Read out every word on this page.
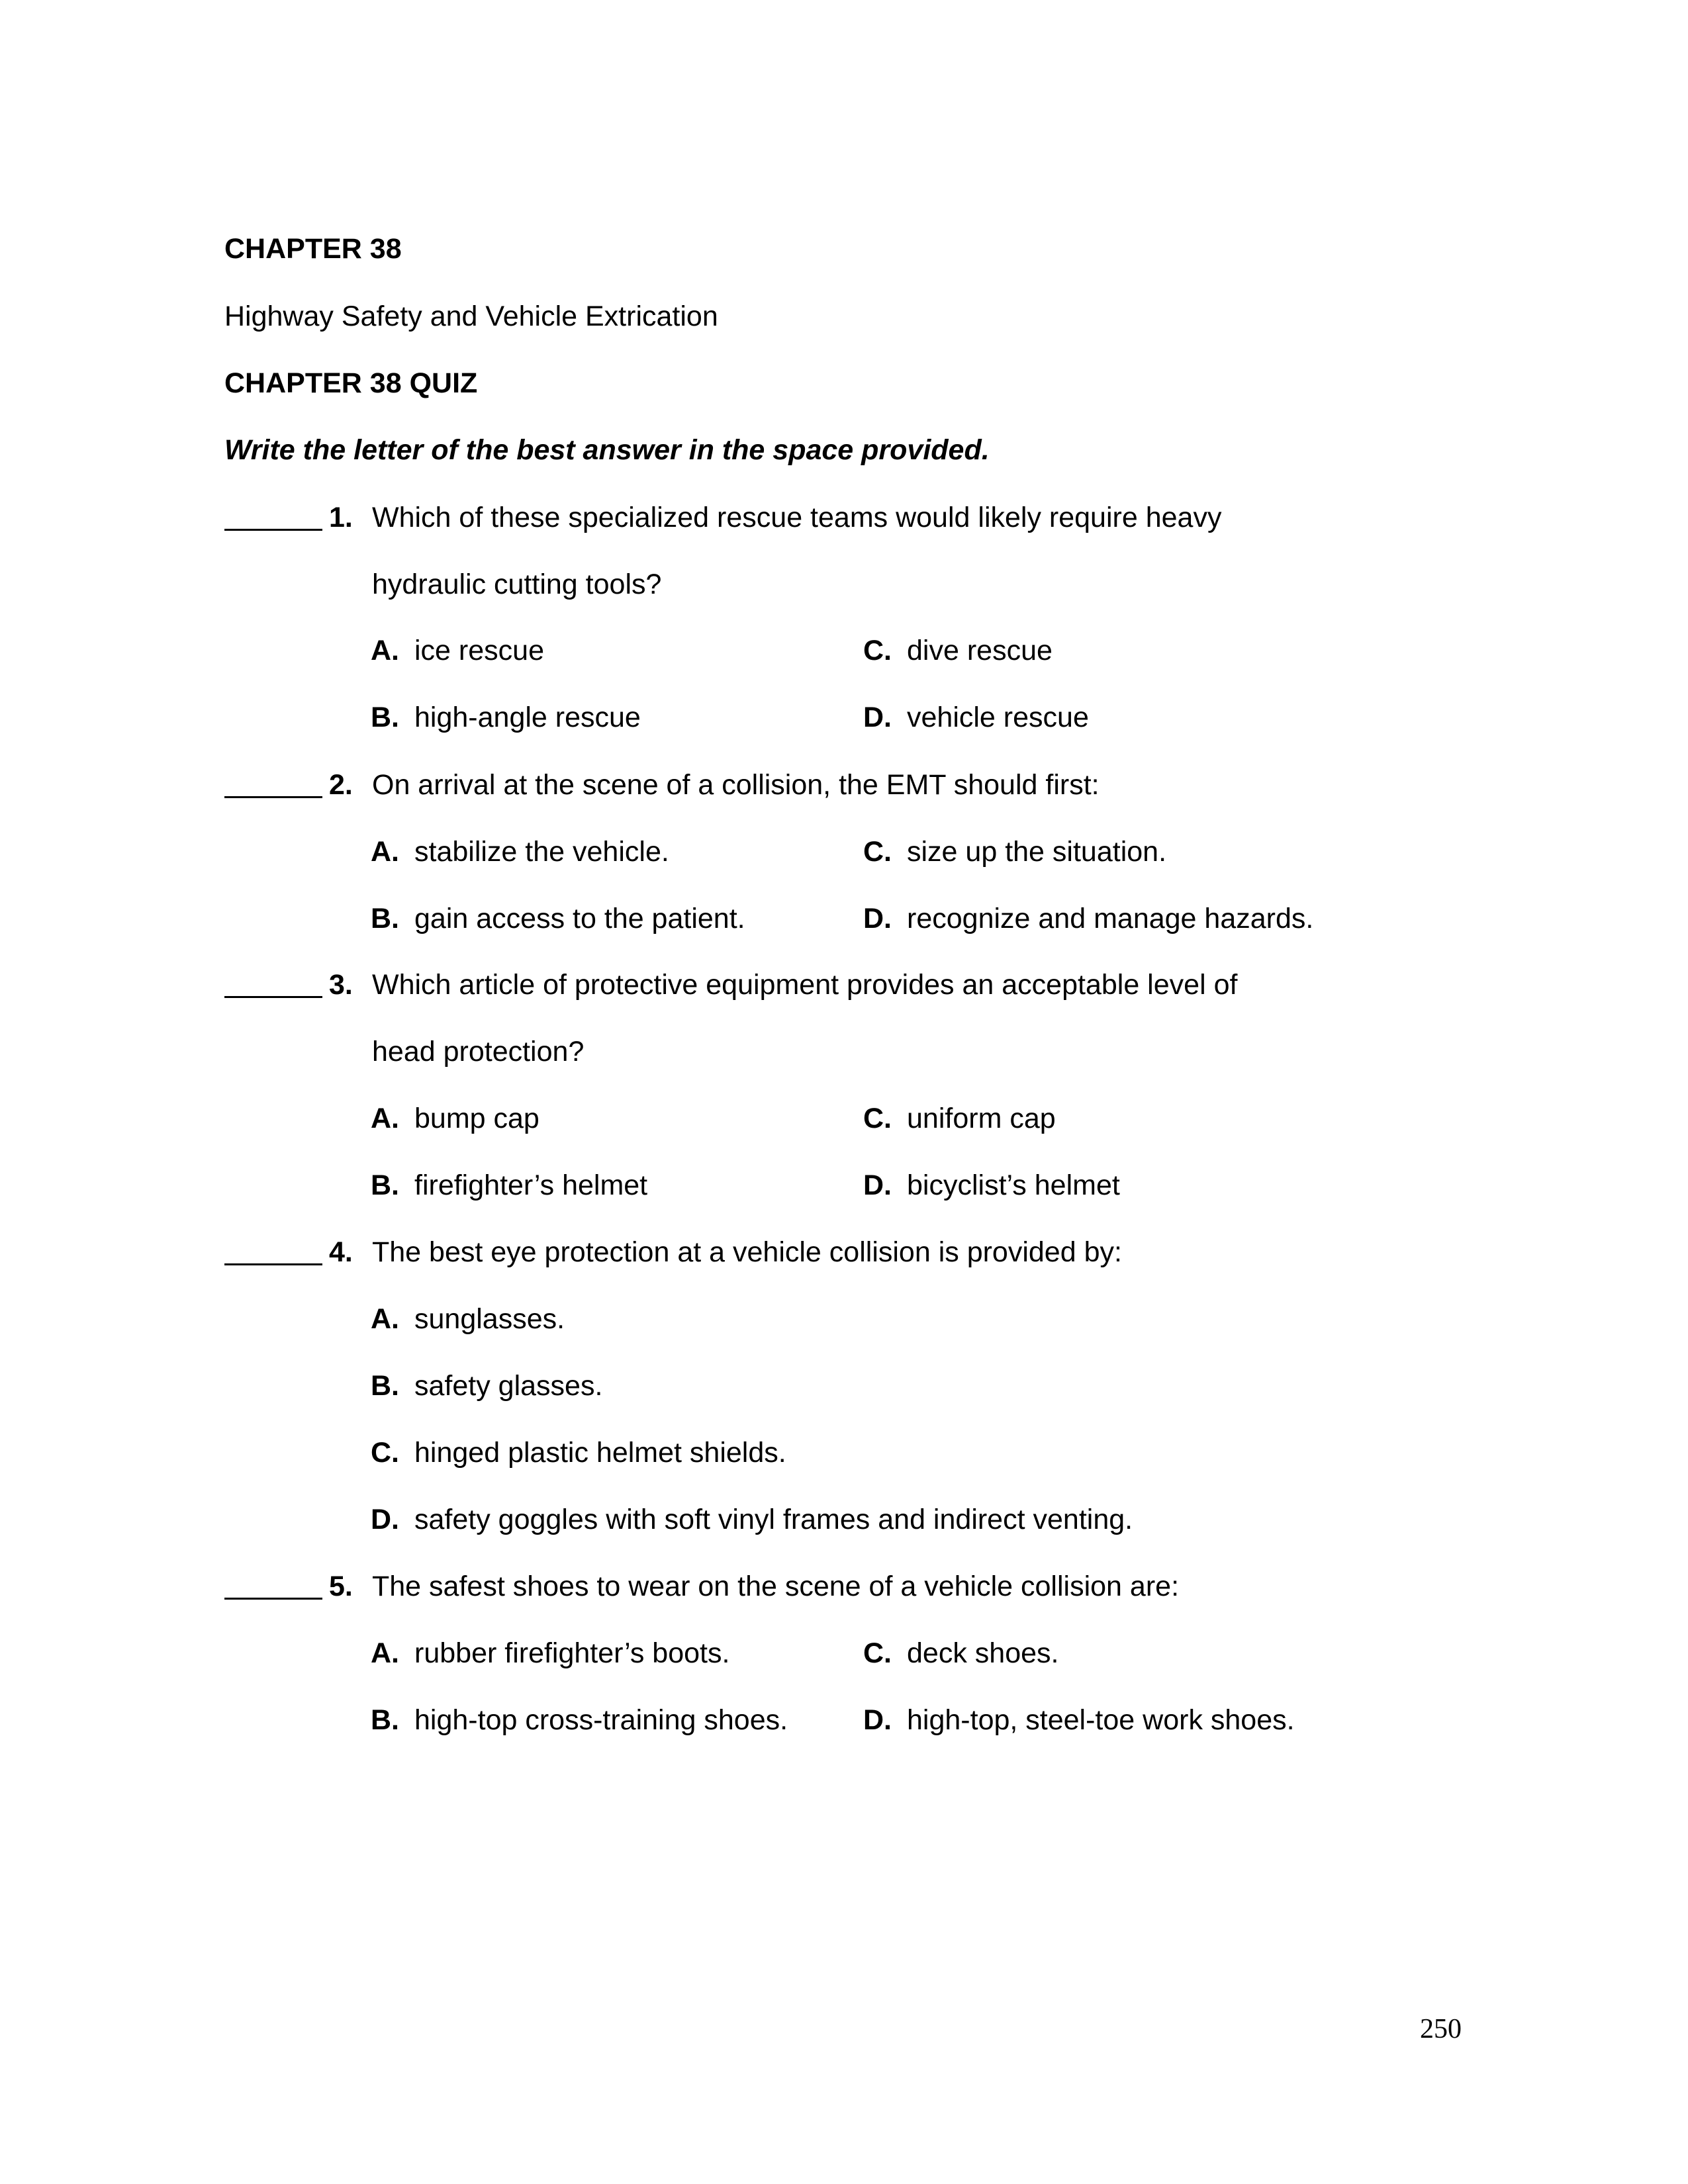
CHAPTER 38
Highway Safety and Vehicle Extrication
CHAPTER 38 QUIZ
Write the letter of the best answer in the space provided.
1. Which of these specialized rescue teams would likely require heavy
hydraulic cutting tools?
A. ice rescue	C. dive rescue
B. high-angle rescue	D. vehicle rescue
2. On arrival at the scene of a collision, the EMT should first:
A. stabilize the vehicle.	C. size up the situation.
B. gain access to the patient.	D. recognize and manage hazards.
3. Which article of protective equipment provides an acceptable level of
head protection?
A. bump cap	C. uniform cap
B. firefighter’s helmet	D. bicyclist’s helmet
4. The best eye protection at a vehicle collision is provided by:
A. sunglasses.
B. safety glasses.
C. hinged plastic helmet shields.
D. safety goggles with soft vinyl frames and indirect venting.
5. The safest shoes to wear on the scene of a vehicle collision are:
A. rubber firefighter’s boots.	C. deck shoes.
B. high-top cross-training shoes.	D. high-top, steel-toe work shoes.
250
